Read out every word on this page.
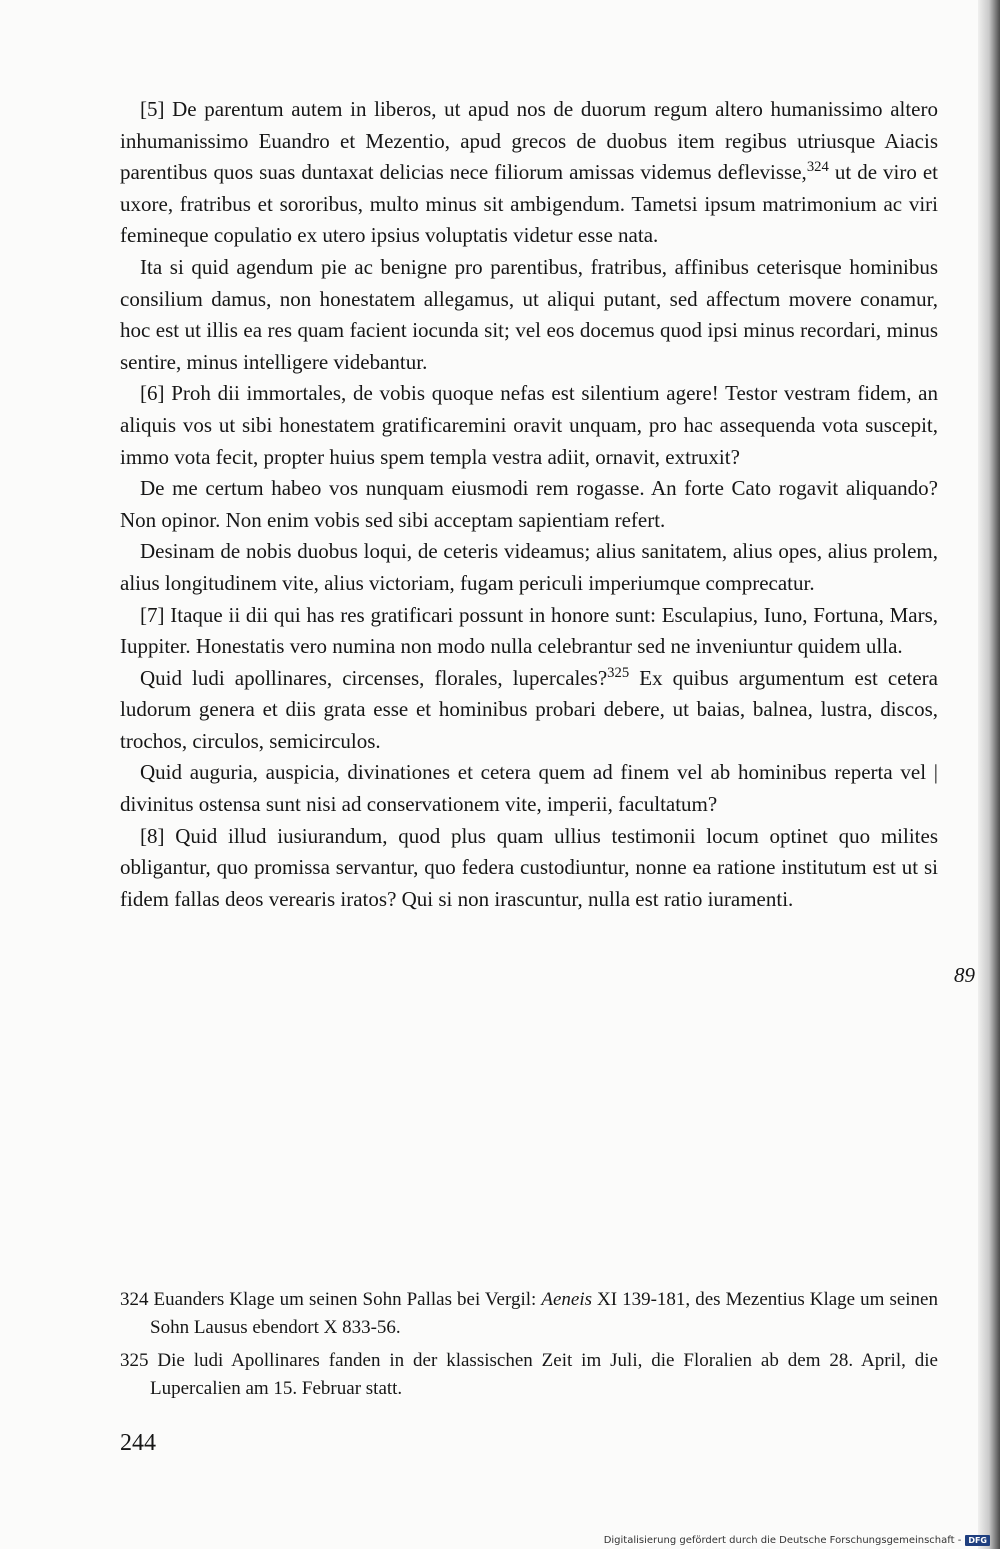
[5] De parentum autem in liberos, ut apud nos de duorum regum altero humanissimo altero inhumanissimo Euandro et Mezentio, apud grecos de duobus item regibus utriusque Aiacis parentibus quos suas duntaxat delicias nece filiorum amissas videmus deflevisse,$^{324}$ ut de viro et uxore, fratribus et sororibus, multo minus sit ambigendum. Tametsi ipsum matrimonium ac viri femineque copulatio ex utero ipsius voluptatis videtur esse nata.

Ita si quid agendum pie ac benigne pro parentibus, fratribus, affinibus ceterisque hominibus consilium damus, non honestatem allegamus, ut aliqui putant, sed affectum movere conamur, hoc est ut illis ea res quam facient iocunda sit; vel eos docemus quod ipsi minus recordari, minus sentire, minus intelligere videbantur.

[6] Proh dii immortales, de vobis quoque nefas est silentium agere! Testor vestram fidem, an aliquis vos ut sibi honestatem gratificaremini oravit unquam, pro hac assequenda vota suscepit, immo vota fecit, propter huius spem templa vestra adiit, ornavit, extruxit?

De me certum habeo vos nunquam eiusmodi rem rogasse. An forte Cato rogavit aliquando? Non opinor. Non enim vobis sed sibi acceptam sapientiam refert.

Desinam de nobis duobus loqui, de ceteris videamus; alius sanitatem, alius opes, alius prolem, alius longitudinem vite, alius victoriam, fugam periculi imperiumque comprecatur.

[7] Itaque ii dii qui has res gratificari possunt in honore sunt: Esculapius, Iuno, Fortuna, Mars, Iuppiter. Honestatis vero numina non modo nulla celebrantur sed ne inveniuntur quidem ulla.

Quid ludi apollinares, circenses, florales, lupercales?$^{325}$ Ex quibus argumentum est cetera ludorum genera et diis grata esse et hominibus probari debere, ut baias, balnea, lustra, discos, trochos, circulos, semicirculos.

Quid auguria, auspicia, divinationes et cetera quem ad finem vel ab hominibus reperta vel | divinitus ostensa sunt nisi ad conservationem vite, imperii, facultatum?

[8] Quid illud iusiurandum, quod plus quam ullius testimonii locum optinet quo milites obligantur, quo promissa servantur, quo federa custodiuntur, nonne ea ratione institutum est ut si fidem fallas deos verearis iratos? Qui si non irascuntur, nulla est ratio iuramenti.

89

324 Euanders Klage um seinen Sohn Pallas bei Vergil: Aeneis XI 139-181, des Mezentius Klage um seinen Sohn Lausus ebendort X 833-56.

325 Die ludi Apollinares fanden in der klassischen Zeit im Juli, die Floralien ab dem 28. April, die Lupercalien am 15. Februar statt.

244
Digitalisierung gefördert durch die Deutsche Forschungsgemeinschaft - DFG
